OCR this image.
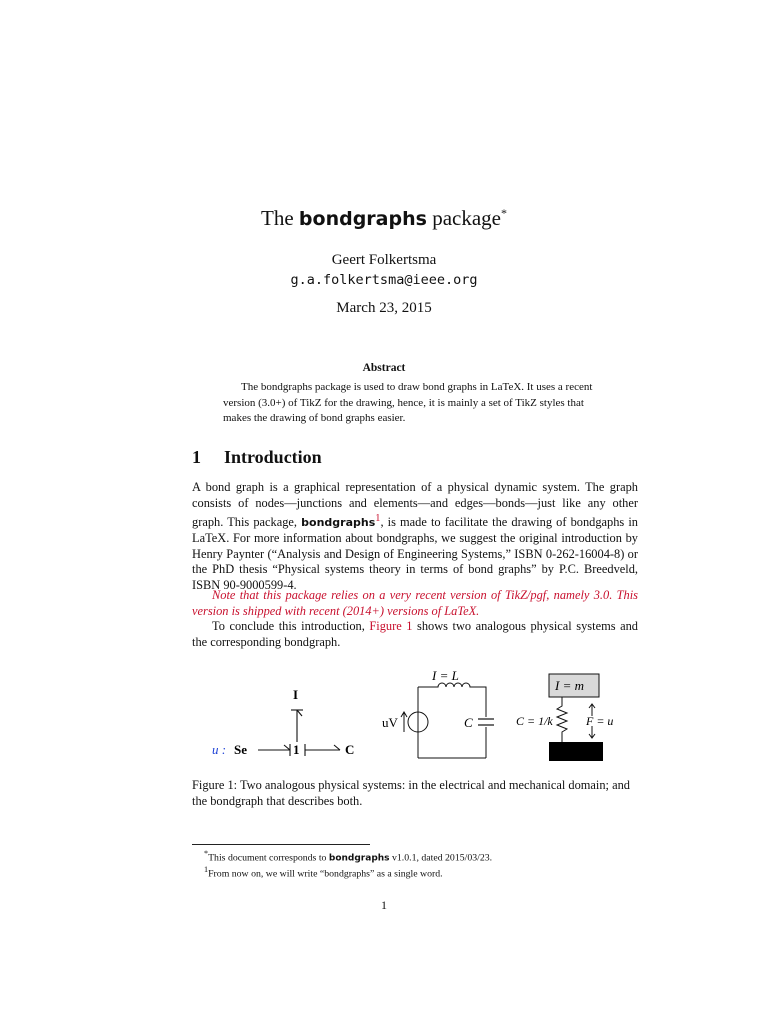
The bondgraphs package*
Geert Folkertsma
g.a.folkertsma@ieee.org
March 23, 2015
Abstract

The bondgraphs package is used to draw bond graphs in LaTeX. It uses a recent version (3.0+) of TikZ for the drawing, hence, it is mainly a set of TikZ styles that makes the drawing of bond graphs easier.

1 Introduction

A bond graph is a graphical representation of a physical dynamic system. The graph consists of nodes—junctions and elements—and edges—bonds—just like any other graph. This package, bondgraphs$^1$, is made to facilitate the drawing of bondgaphs in LaTeX. For more information about bondgraphs, we suggest the original introduction by Henry Paynter (“Analysis and Design of Engineering Systems,” ISBN 0-262-16004-8) or the PhD thesis “Physical systems theory in terms of bond graphs” by P.C. Breedveld, ISBN 90-9000599-4.

Note that this package relies on a very recent version of TikZ/pgf, namely 3.0. This version is shipped with recent (2014+) versions of LaTeX.

To conclude this introduction, Figure 1 shows two analogous physical systems and the corresponding bondgraph.

u : Se	1
I
C
I = L
uV	C
I = m
C = 1/k	F = u
Figure 1: Two analogous physical systems: in the electrical and mechanical domain; and the bondgraph that describes both.

*This document corresponds to bondgraphs v1.0.1, dated 2015/03/23.

$^1$From now on, we will write “bondgraphs” as a single word.

1
